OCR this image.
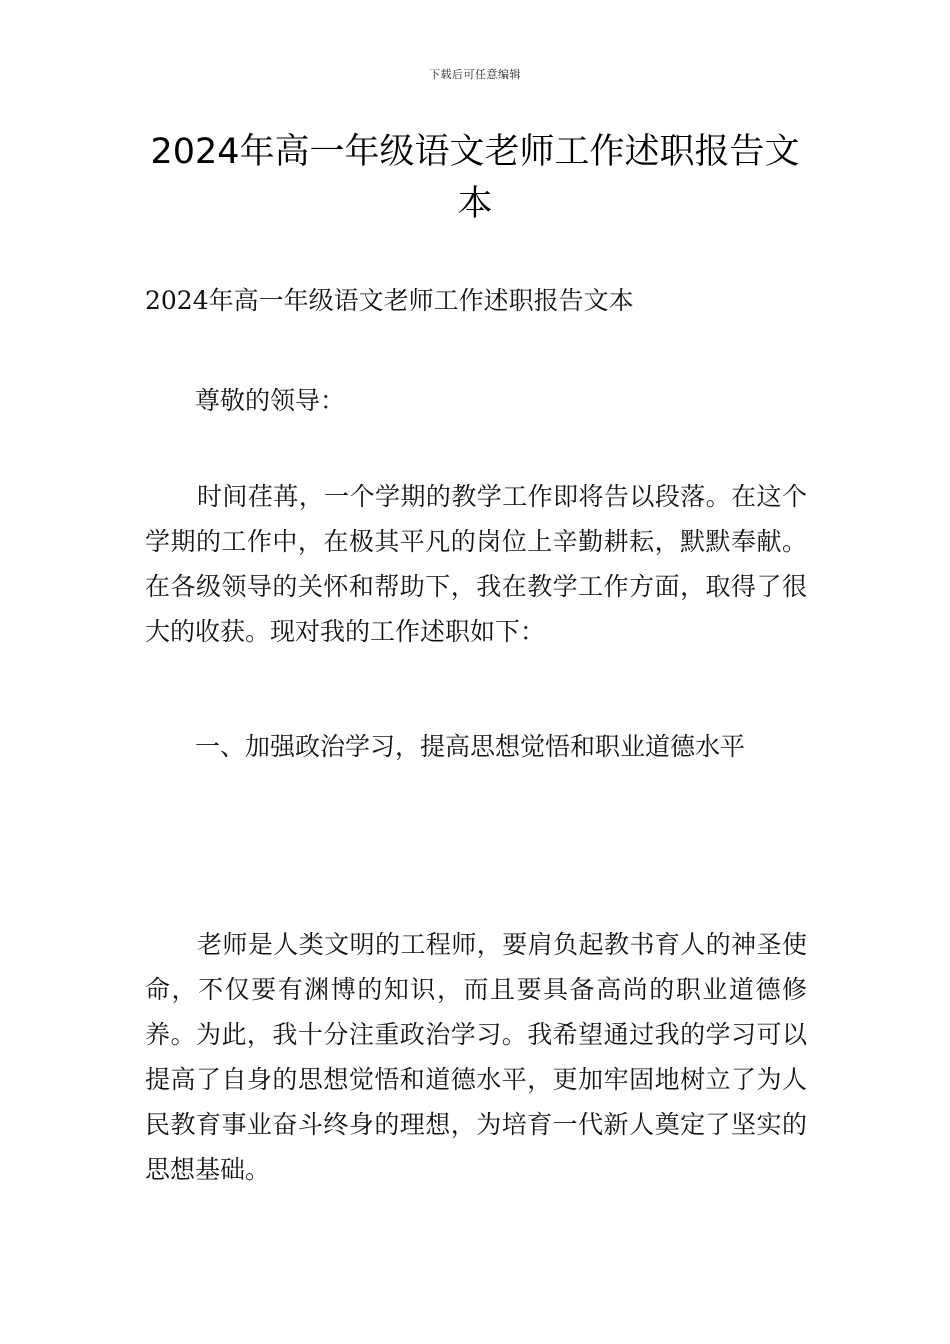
下载后可任意编辑
2024年高一年级语文老师工作述职报告文本

2024年高一年级语文老师工作述职报告文本

尊敬的领导：

时间荏苒，一个学期的教学工作即将告以段落。在这个学期的工作中，在极其平凡的岗位上辛勤耕耘，默默奉献。在各级领导的关怀和帮助下，我在教学工作方面，取得了很大的收获。现对我的工作述职如下：

一、加强政治学习，提高思想觉悟和职业道德水平

老师是人类文明的工程师，要肩负起教书育人的神圣使命，不仅要有渊博的知识，而且要具备高尚的职业道德修养。为此，我十分注重政治学习。我希望通过我的学习可以提高了自身的思想觉悟和道德水平，更加牢固地树立了为人民教育事业奋斗终身的理想，为培育一代新人奠定了坚实的思想基础。
